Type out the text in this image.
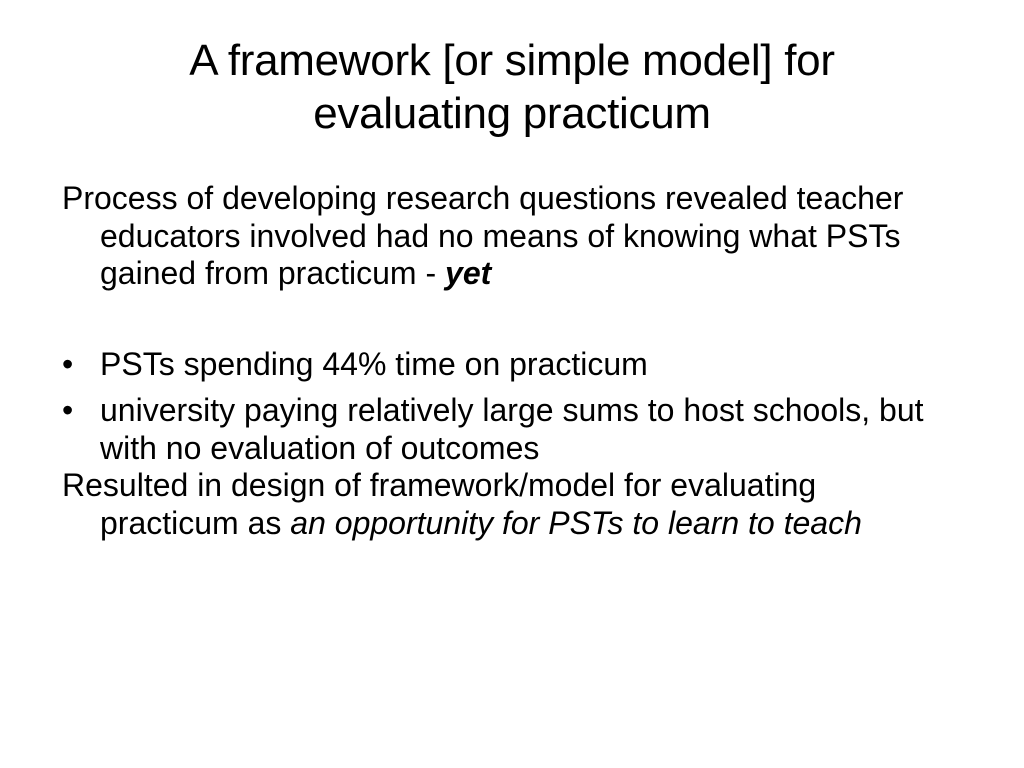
A framework [or simple model] for
evaluating practicum

Process of developing research questions revealed teacher educators involved had no means of knowing what PSTs gained from practicum - yet

• PSTs spending 44% time on practicum

• university paying relatively large sums to host schools, but with no evaluation of outcomes

Resulted in design of framework/model for evaluating practicum as an opportunity for PSTs to learn to teach
